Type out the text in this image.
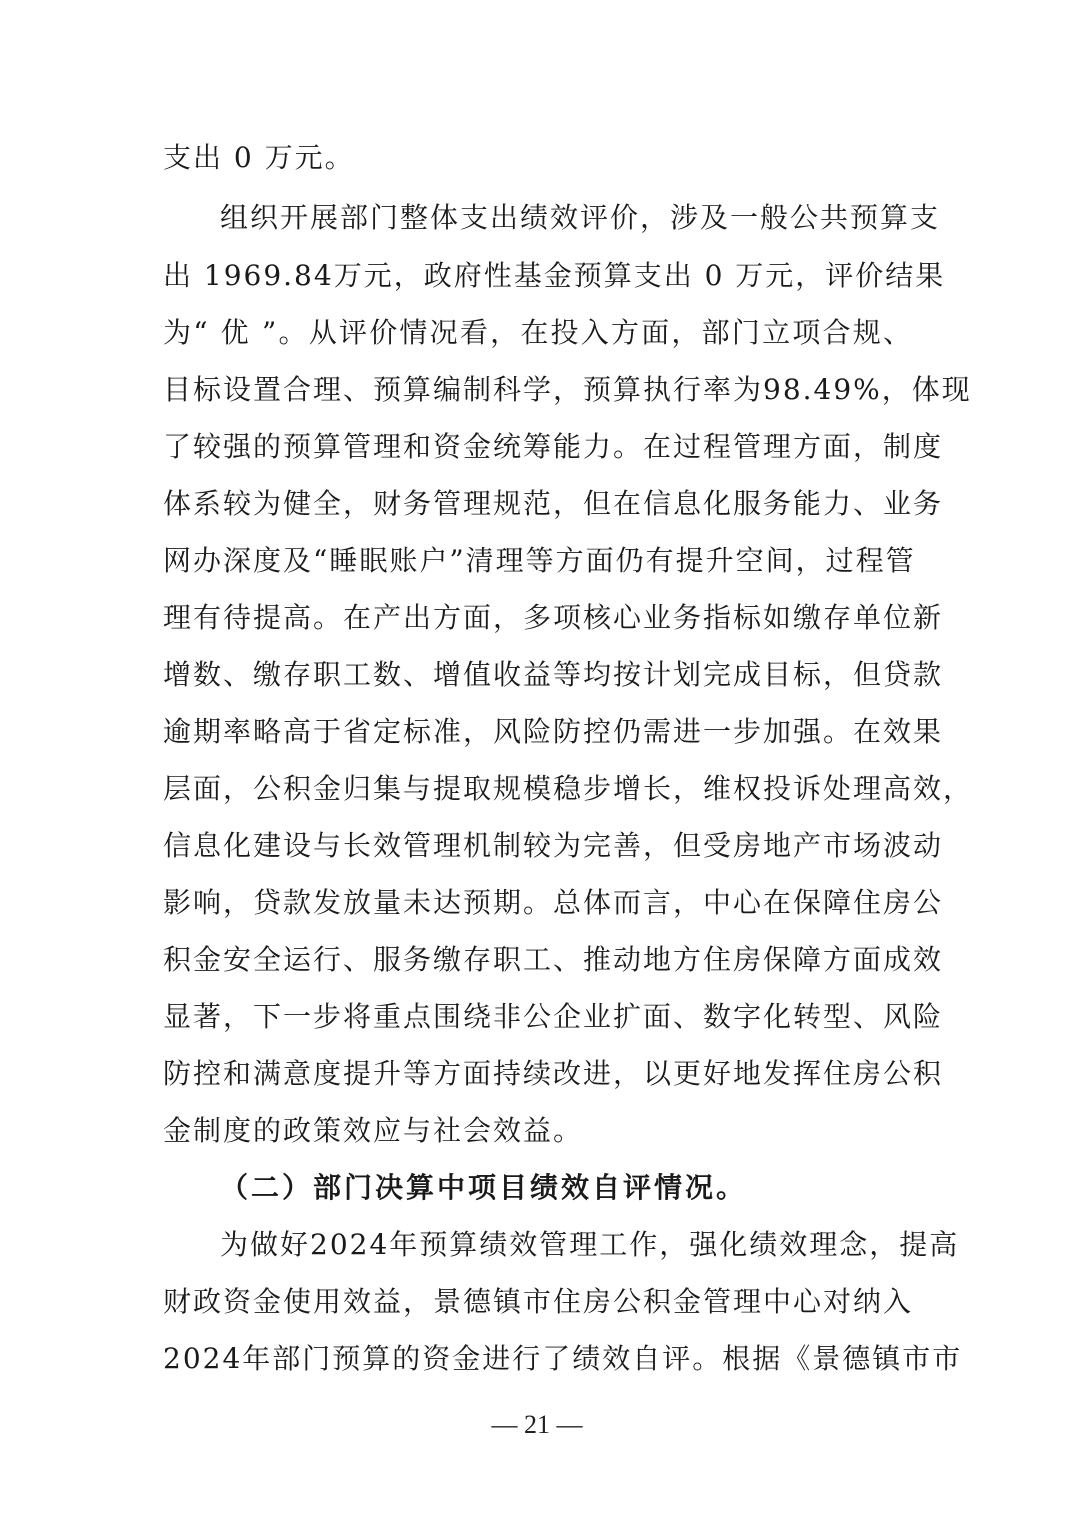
支出 0 万元。
组织开展部门整体支出绩效评价，涉及一般公共预算支
出 1969.84万元，政府性基金预算支出 0 万元，评价结果
为“ 优 ”。从评价情况看，在投入方面，部门立项合规、
目标设置合理、预算编制科学，预算执行率为98.49%，体现
了较强的预算管理和资金统筹能力。在过程管理方面，制度
体系较为健全，财务管理规范，但在信息化服务能力、业务
网办深度及“睡眠账户”清理等方面仍有提升空间，过程管
理有待提高。在产出方面，多项核心业务指标如缴存单位新
增数、缴存职工数、增值收益等均按计划完成目标，但贷款
逾期率略高于省定标准，风险防控仍需进一步加强。在效果
层面，公积金归集与提取规模稳步增长，维权投诉处理高效，
信息化建设与长效管理机制较为完善，但受房地产市场波动
影响，贷款发放量未达预期。总体而言，中心在保障住房公
积金安全运行、服务缴存职工、推动地方住房保障方面成效
显著，下一步将重点围绕非公企业扩面、数字化转型、风险
防控和满意度提升等方面持续改进，以更好地发挥住房公积
金制度的政策效应与社会效益。
（二）部门决算中项目绩效自评情况。
为做好2024年预算绩效管理工作，强化绩效理念，提高
财政资金使用效益，景德镇市住房公积金管理中心对纳入
2024年部门预算的资金进行了绩效自评。根据《景德镇市市
— 21 —
